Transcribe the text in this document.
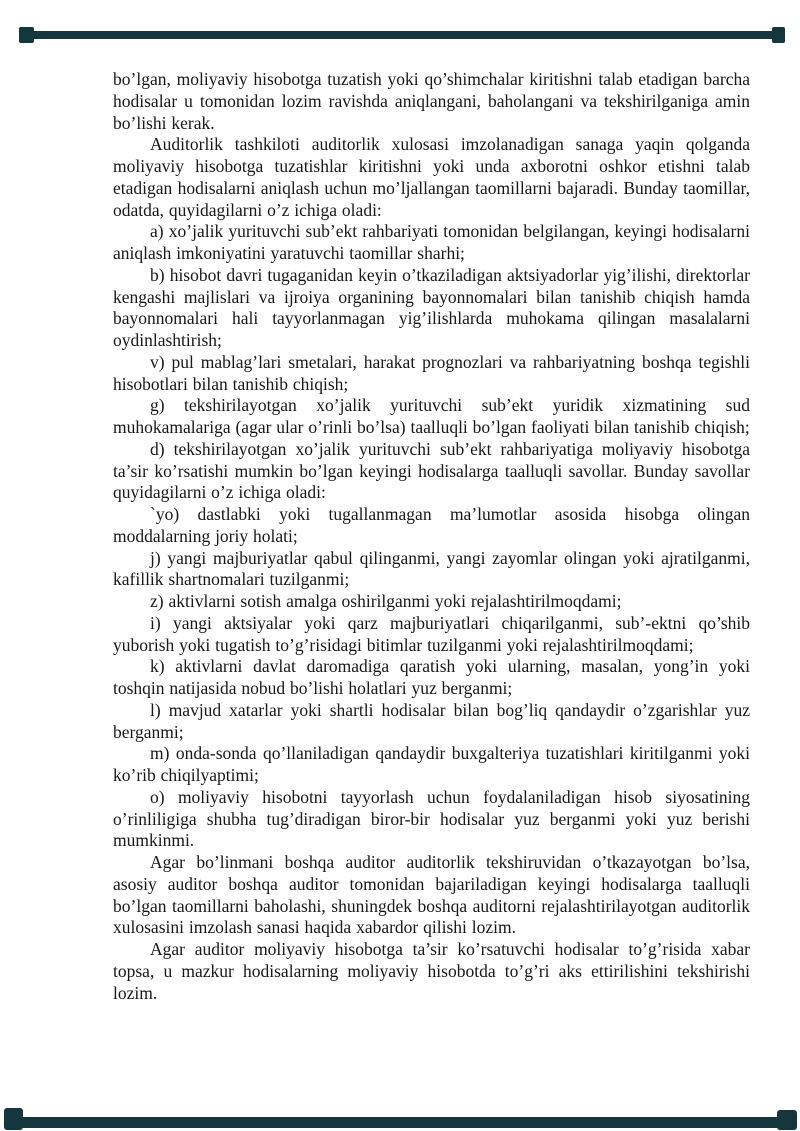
bo’lgan, moliyaviy hisobotga tuzatish yoki qo’shimchalar kiritishni talab etadigan barcha hodisalar u tomonidan lozim ravishda aniqlangani, baholangani va tekshirilganiga amin bo’lishi kerak.

Auditorlik tashkiloti auditorlik xulosasi imzolanadigan sanaga yaqin qolganda moliyaviy hisobotga tuzatishlar kiritishni yoki unda axborotni oshkor etishni talab etadigan hodisalarni aniqlash uchun mo’ljallangan taomillarni bajaradi. Bunday taomillar, odatda, quyidagilarni o’z ichiga oladi:

a) xo’jalik yurituvchi sub’ekt rahbariyati tomonidan belgilangan, keyingi hodisalarni aniqlash imkoniyatini yaratuvchi taomillar sharhi;

b) hisobot davri tugaganidan keyin o’tkaziladigan aktsiyadorlar yig’ilishi, direktorlar kengashi majlislari va ijroiya organining bayonnomalari bilan tanishib chiqish hamda bayonnomalari hali tayyorlanmagan yig’ilishlarda muhokama qilingan masalalarni oydinlashtirish;

v) pul mablag’lari smetalari, harakat prognozlari va rahbariyatning boshqa tegishli hisobotlari bilan tanishib chiqish;

g) tekshirilayotgan xo’jalik yurituvchi sub’ekt yuridik xizmatining sud muhokamalariga (agar ular o’rinli bo’lsa) taalluqli bo’lgan faoliyati bilan tanishib chiqish;

d) tekshirilayotgan xo’jalik yurituvchi sub’ekt rahbariyatiga moliyaviy hisobotga ta’sir ko’rsatishi mumkin bo’lgan keyingi hodisalarga taalluqli savollar. Bunday savollar quyidagilarni o’z ichiga oladi:

`yo) dastlabki yoki tugallanmagan ma’lumotlar asosida hisobga olingan moddalarning joriy holati;

j) yangi majburiyatlar qabul qilinganmi, yangi zayomlar olingan yoki ajratilganmi, kafillik shartnomalari tuzilganmi;

z) aktivlarni sotish amalga oshirilganmi yoki rejalashtirilmoqdami;

i) yangi aktsiyalar yoki qarz majburiyatlari chiqarilganmi, sub’-ektni qo’shib yuborish yoki tugatish to’g’risidagi bitimlar tuzilganmi yoki rejalashtirilmoqdami;

k) aktivlarni davlat daromadiga qaratish yoki ularning, masalan, yong’in yoki toshqin natijasida nobud bo’lishi holatlari yuz berganmi;

l) mavjud xatarlar yoki shartli hodisalar bilan bog’liq qandaydir o’zgarishlar yuz berganmi;

m) onda-sonda qo’llaniladigan qandaydir buxgalteriya tuzatishlari kiritilganmi yoki ko’rib chiqilyaptimi;

o) moliyaviy hisobotni tayyorlash uchun foydalaniladigan hisob siyosatining o’rinliligiga shubha tug’diradigan biror-bir hodisalar yuz berganmi yoki yuz berishi mumkinmi.

Agar bo’linmani boshqa auditor auditorlik tekshiruvidan o’tkazayotgan bo’lsa, asosiy auditor boshqa auditor tomonidan bajariladigan keyingi hodisalarga taalluqli bo’lgan taomillarni baholashi, shuningdek boshqa auditorni rejalashtirilayotgan auditorlik xulosasini imzolash sanasi haqida xabardor qilishi lozim.

Agar auditor moliyaviy hisobotga ta’sir ko’rsatuvchi hodisalar to’g’risida xabar topsa, u mazkur hodisalarning moliyaviy hisobotda to’g’ri aks ettirilishini tekshirishi lozim.
